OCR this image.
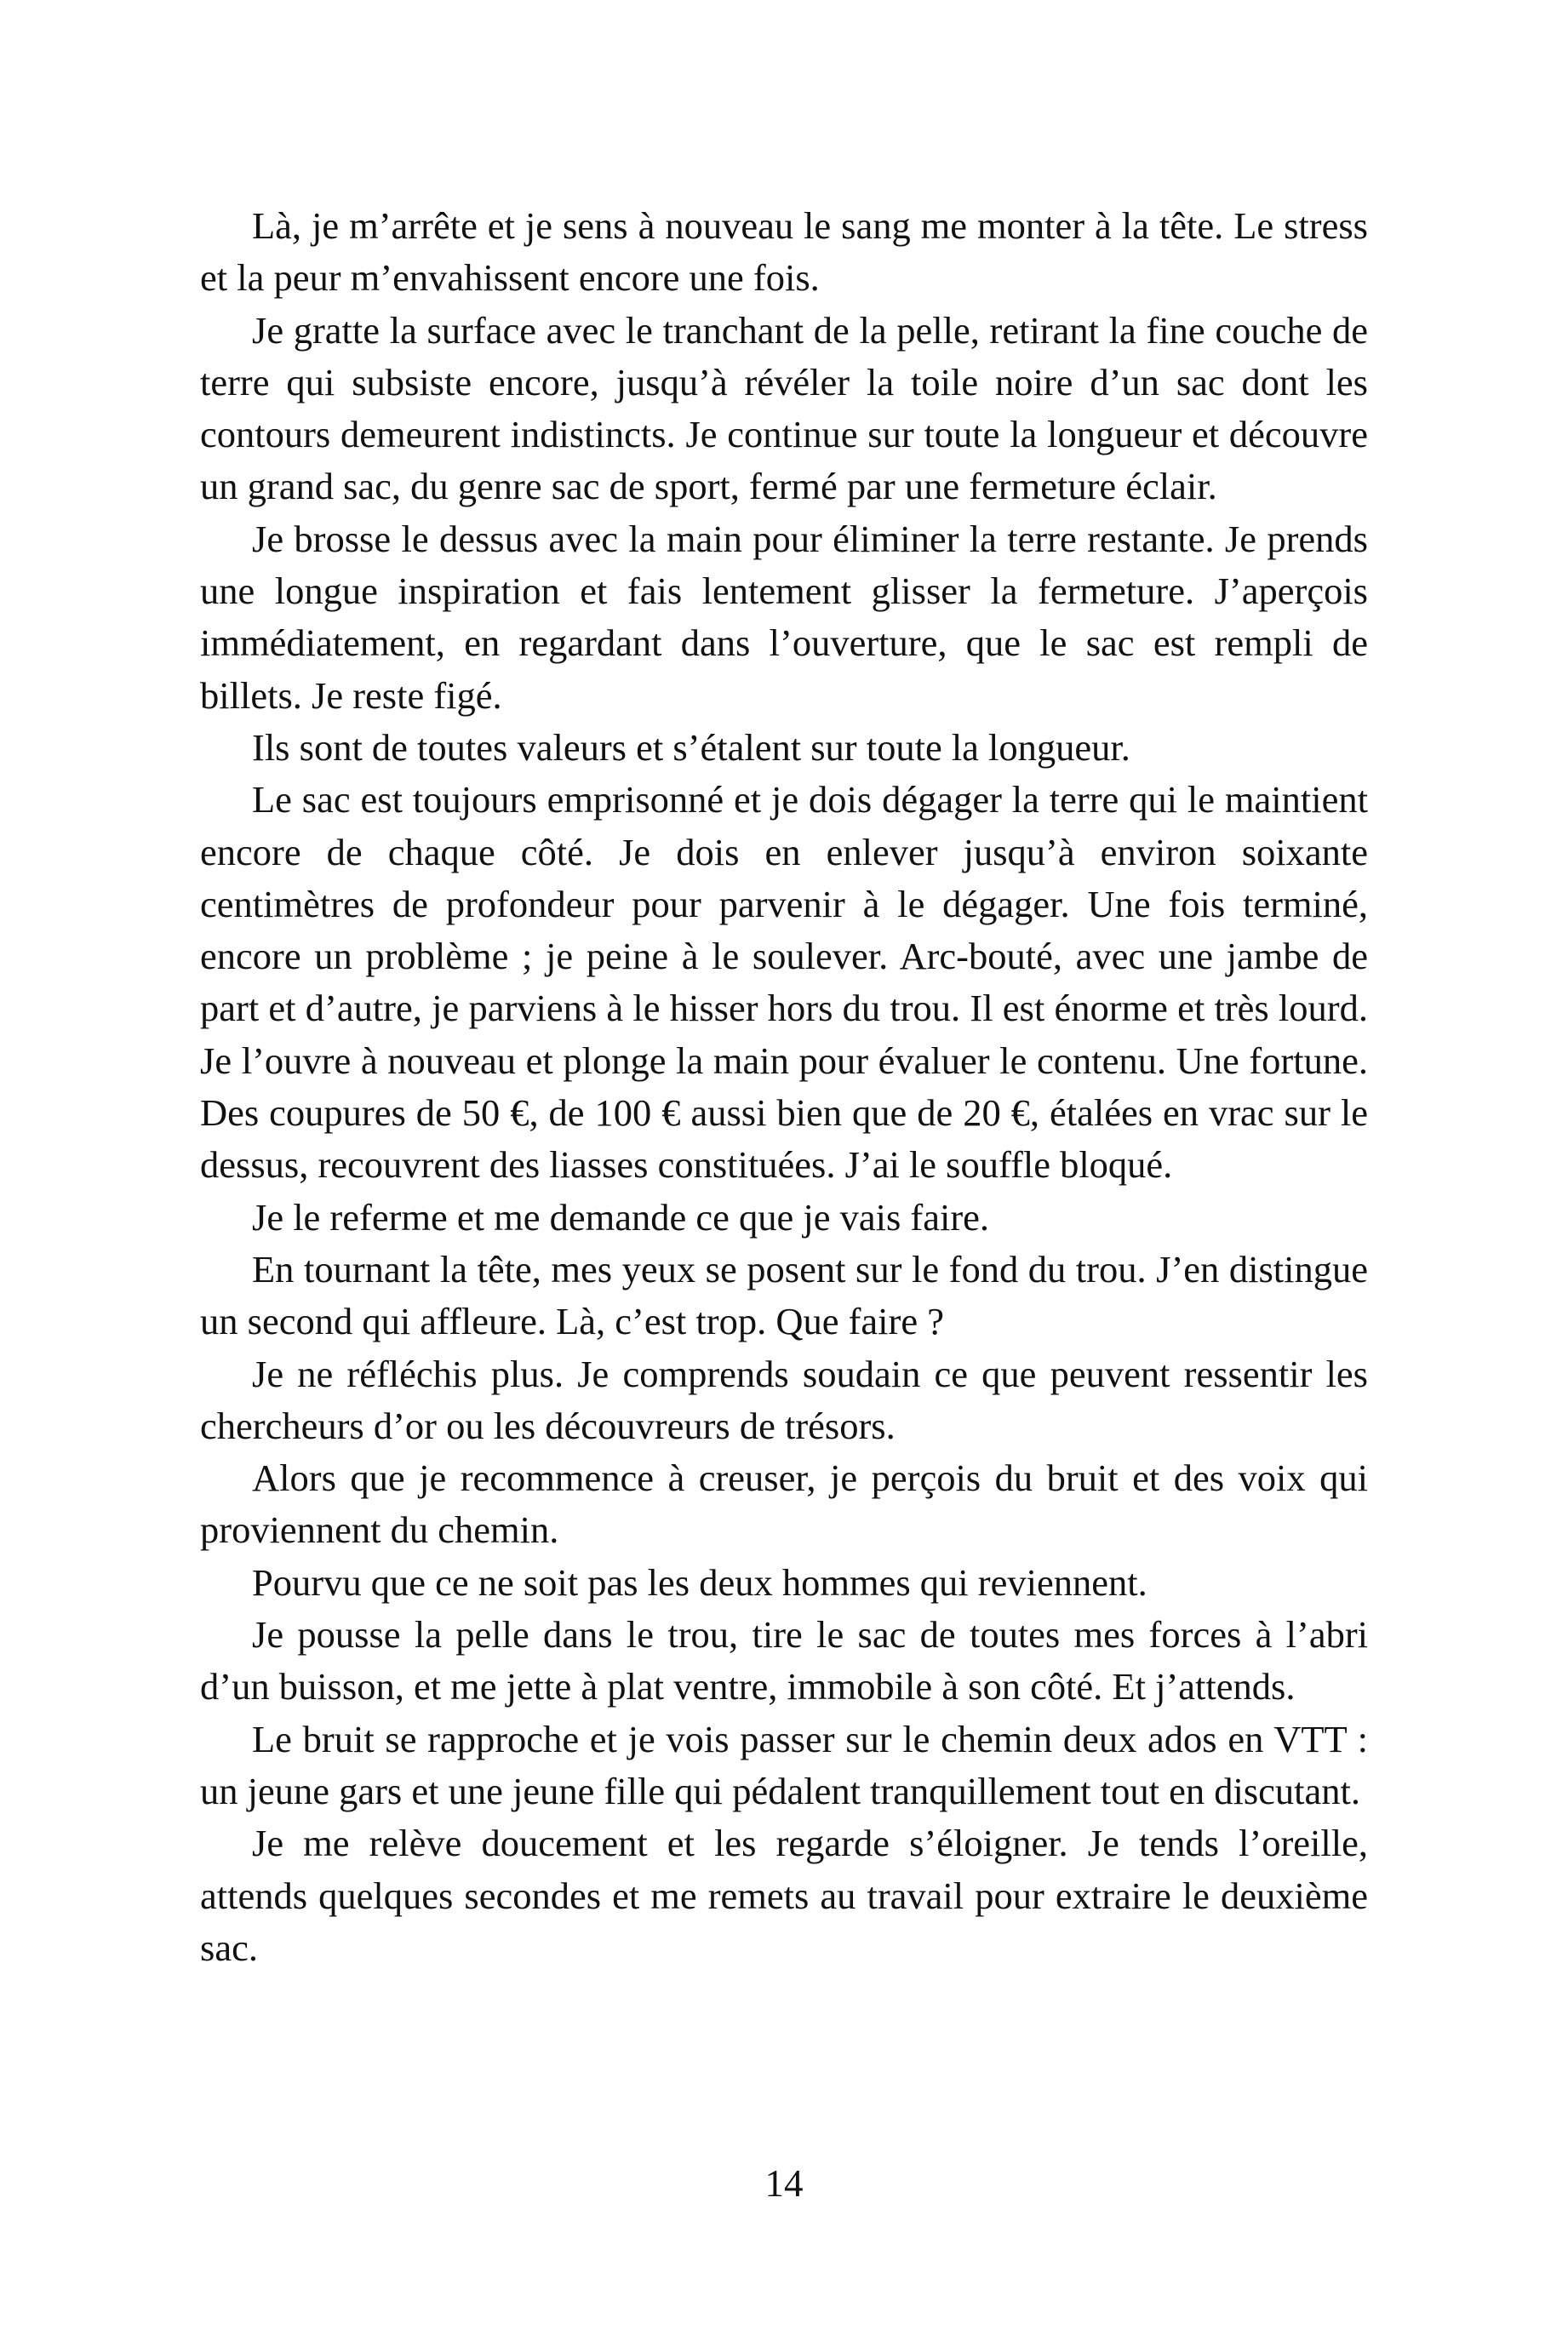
Là, je m’arrête et je sens à nouveau le sang me monter à la tête. Le stress et la peur m’envahissent encore une fois.

Je gratte la surface avec le tranchant de la pelle, retirant la fine couche de terre qui subsiste encore, jusqu’à révéler la toile noire d’un sac dont les contours demeurent indistincts. Je continue sur toute la longueur et découvre un grand sac, du genre sac de sport, fermé par une fermeture éclair.

Je brosse le dessus avec la main pour éliminer la terre restante. Je prends une longue inspiration et fais lentement glisser la fermeture. J’aperçois immédiatement, en regardant dans l’ouverture, que le sac est rempli de billets. Je reste figé.

Ils sont de toutes valeurs et s’étalent sur toute la longueur.

Le sac est toujours emprisonné et je dois dégager la terre qui le maintient encore de chaque côté. Je dois en enlever jusqu’à environ soixante centimètres de profondeur pour parvenir à le dégager. Une fois terminé, encore un problème ; je peine à le soulever. Arc-bouté, avec une jambe de part et d’autre, je parviens à le hisser hors du trou. Il est énorme et très lourd. Je l’ouvre à nouveau et plonge la main pour évaluer le contenu. Une fortune. Des coupures de 50 €, de 100 € aussi bien que de 20 €, étalées en vrac sur le dessus, recouvrent des liasses constituées. J’ai le souffle bloqué.

Je le referme et me demande ce que je vais faire.

En tournant la tête, mes yeux se posent sur le fond du trou. J’en distingue un second qui affleure. Là, c’est trop. Que faire ?

Je ne réfléchis plus. Je comprends soudain ce que peuvent ressentir les chercheurs d’or ou les découvreurs de trésors.

Alors que je recommence à creuser, je perçois du bruit et des voix qui proviennent du chemin.

Pourvu que ce ne soit pas les deux hommes qui reviennent.

Je pousse la pelle dans le trou, tire le sac de toutes mes forces à l’abri d’un buisson, et me jette à plat ventre, immobile à son côté. Et j’attends.

Le bruit se rapproche et je vois passer sur le chemin deux ados en VTT : un jeune gars et une jeune fille qui pédalent tranquillement tout en discutant.

Je me relève doucement et les regarde s’éloigner. Je tends l’oreille, attends quelques secondes et me remets au travail pour extraire le deuxième sac.

14
